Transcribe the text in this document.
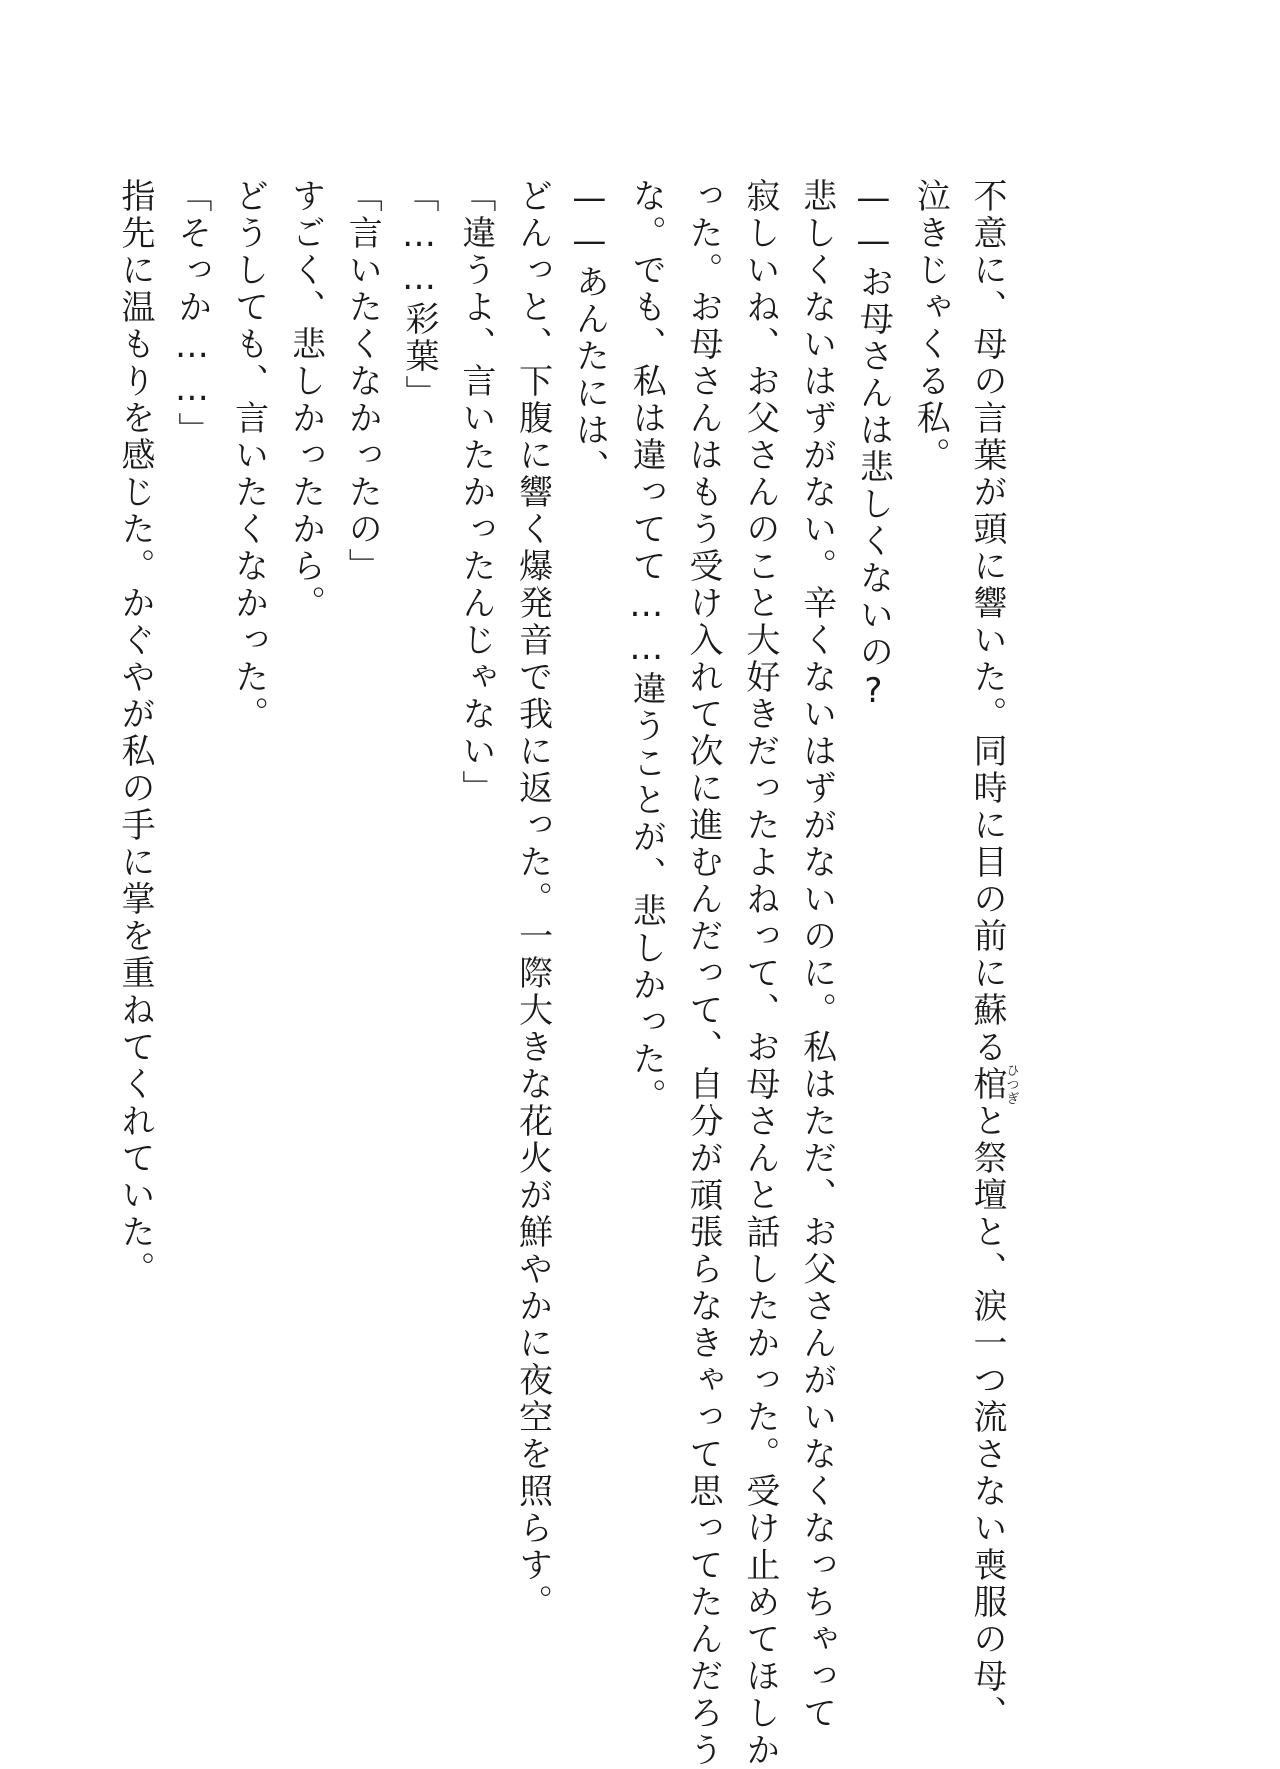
不意に、母の言葉が頭に響いた。同時に目の前に蘇る棺ひつぎと祭壇と、涙一つ流さない喪服の母、

泣きじゃくる私。

——お母さんは悲しくないの?

悲しくないはずがない。辛くないはずがないのに。私はただ、お父さんがいなくなっちゃって

寂しいね、お父さんのこと大好きだったよねって、お母さんと話したかった。受け止めてほしか

った。お母さんはもう受け入れて次に進むんだって、自分が頑張らなきゃって思ってたんだろう

な。でも、私は違ってて……違うことが、悲しかった。

——あんたには、

どんっと、下腹に響く爆発音で我に返った。一際大きな花火が鮮やかに夜空を照らす。

「違うよ、言いたかったんじゃない」

「……彩葉」

「言いたくなかったの」

すごく、悲しかったから。

どうしても、言いたくなかった。

「そっか……」

指先に温もりを感じた。かぐやが私の手に掌を重ねてくれていた。
